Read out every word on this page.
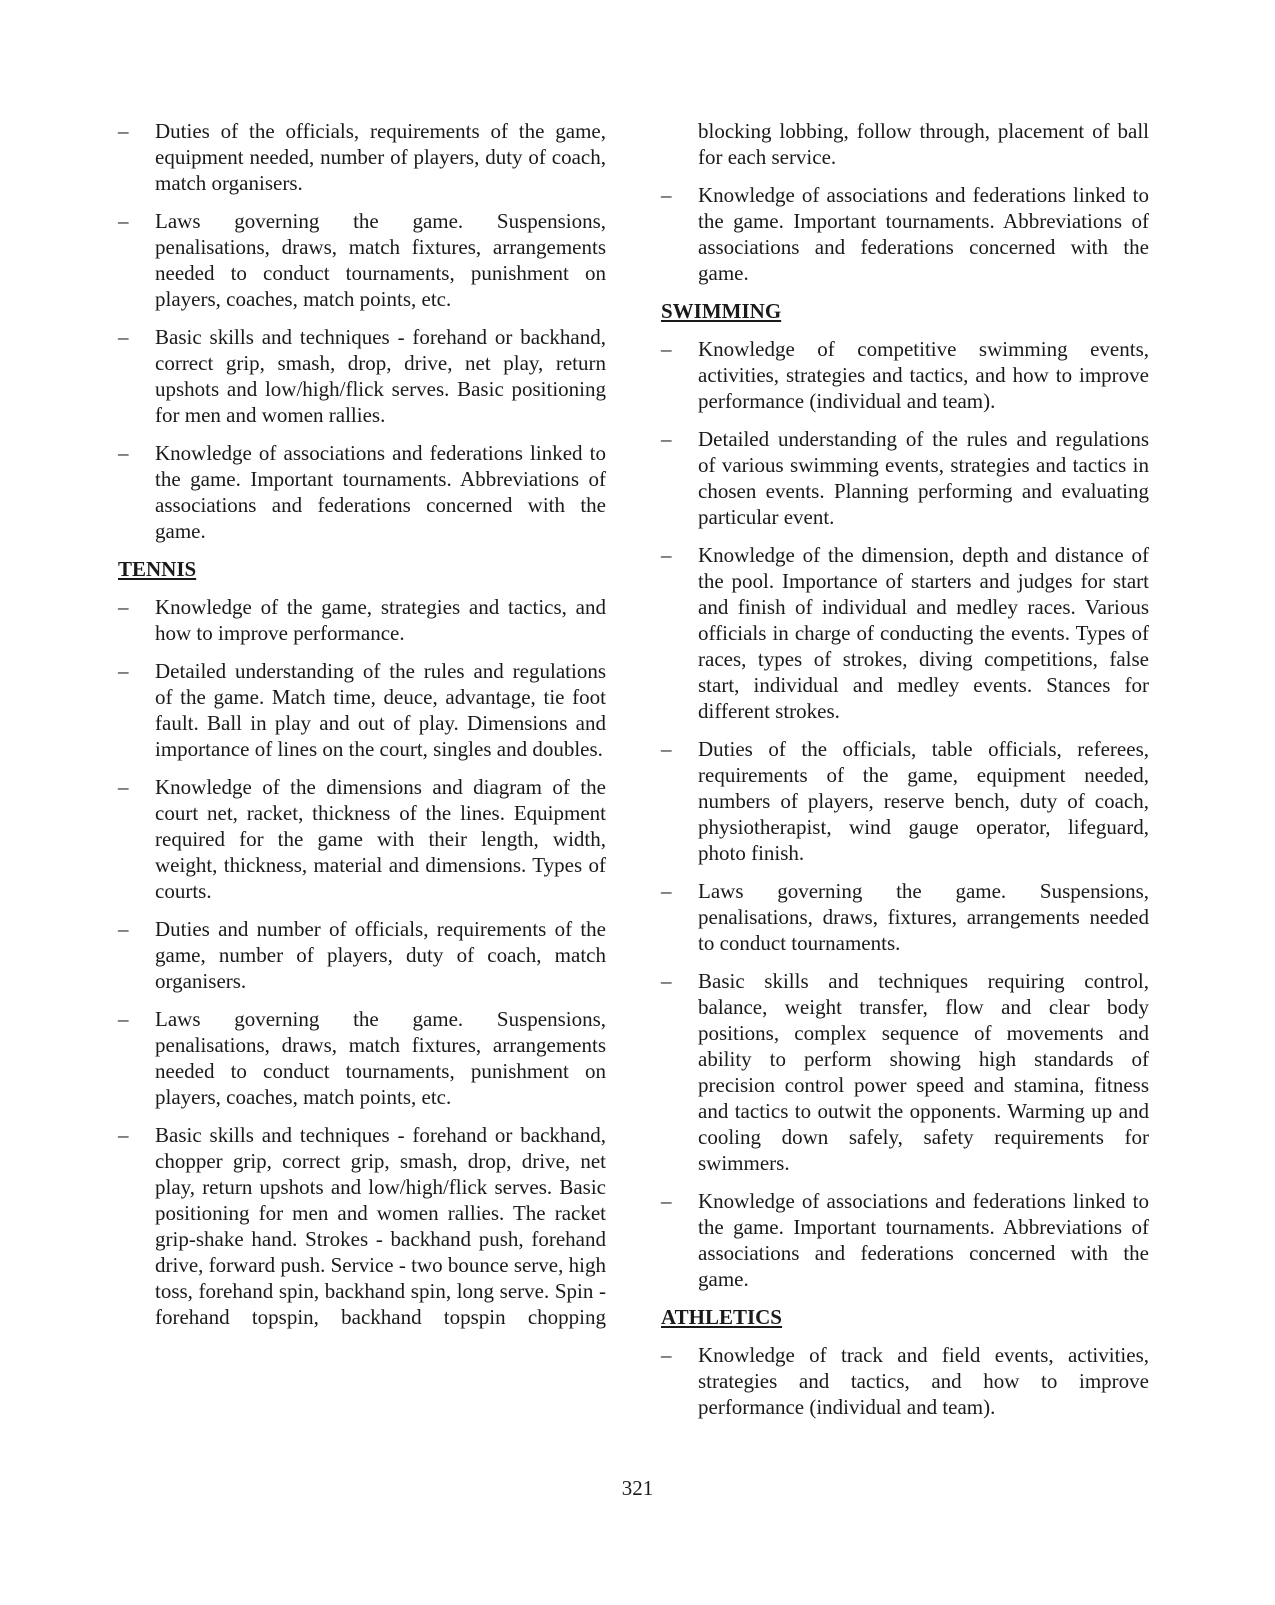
– Duties of the officials, requirements of the game, equipment needed, number of players, duty of coach, match organisers.
– Laws governing the game. Suspensions, penalisations, draws, match fixtures, arrangements needed to conduct tournaments, punishment on players, coaches, match points, etc.
– Basic skills and techniques - forehand or backhand, correct grip, smash, drop, drive, net play, return upshots and low/high/flick serves. Basic positioning for men and women rallies.
– Knowledge of associations and federations linked to the game. Important tournaments. Abbreviations of associations and federations concerned with the game.
TENNIS
– Knowledge of the game, strategies and tactics, and how to improve performance.
– Detailed understanding of the rules and regulations of the game. Match time, deuce, advantage, tie foot fault. Ball in play and out of play. Dimensions and importance of lines on the court, singles and doubles.
– Knowledge of the dimensions and diagram of the court net, racket, thickness of the lines. Equipment required for the game with their length, width, weight, thickness, material and dimensions. Types of courts.
– Duties and number of officials, requirements of the game, number of players, duty of coach, match organisers.
– Laws governing the game. Suspensions, penalisations, draws, match fixtures, arrangements needed to conduct tournaments, punishment on players, coaches, match points, etc.
– Basic skills and techniques - forehand or backhand, chopper grip, correct grip, smash, drop, drive, net play, return upshots and low/high/flick serves. Basic positioning for men and women rallies. The racket grip-shake hand. Strokes - backhand push, forehand drive, forward push. Service - two bounce serve, high toss, forehand spin, backhand spin, long serve. Spin - forehand topspin, backhand topspin chopping
blocking lobbing, follow through, placement of ball for each service.
– Knowledge of associations and federations linked to the game. Important tournaments. Abbreviations of associations and federations concerned with the game.
SWIMMING
– Knowledge of competitive swimming events, activities, strategies and tactics, and how to improve performance (individual and team).
– Detailed understanding of the rules and regulations of various swimming events, strategies and tactics in chosen events. Planning performing and evaluating particular event.
– Knowledge of the dimension, depth and distance of the pool. Importance of starters and judges for start and finish of individual and medley races. Various officials in charge of conducting the events. Types of races, types of strokes, diving competitions, false start, individual and medley events. Stances for different strokes.
– Duties of the officials, table officials, referees, requirements of the game, equipment needed, numbers of players, reserve bench, duty of coach, physiotherapist, wind gauge operator, lifeguard, photo finish.
– Laws governing the game. Suspensions, penalisations, draws, fixtures, arrangements needed to conduct tournaments.
– Basic skills and techniques requiring control, balance, weight transfer, flow and clear body positions, complex sequence of movements and ability to perform showing high standards of precision control power speed and stamina, fitness and tactics to outwit the opponents. Warming up and cooling down safely, safety requirements for swimmers.
– Knowledge of associations and federations linked to the game. Important tournaments. Abbreviations of associations and federations concerned with the game.
ATHLETICS
– Knowledge of track and field events, activities, strategies and tactics, and how to improve performance (individual and team).
321
